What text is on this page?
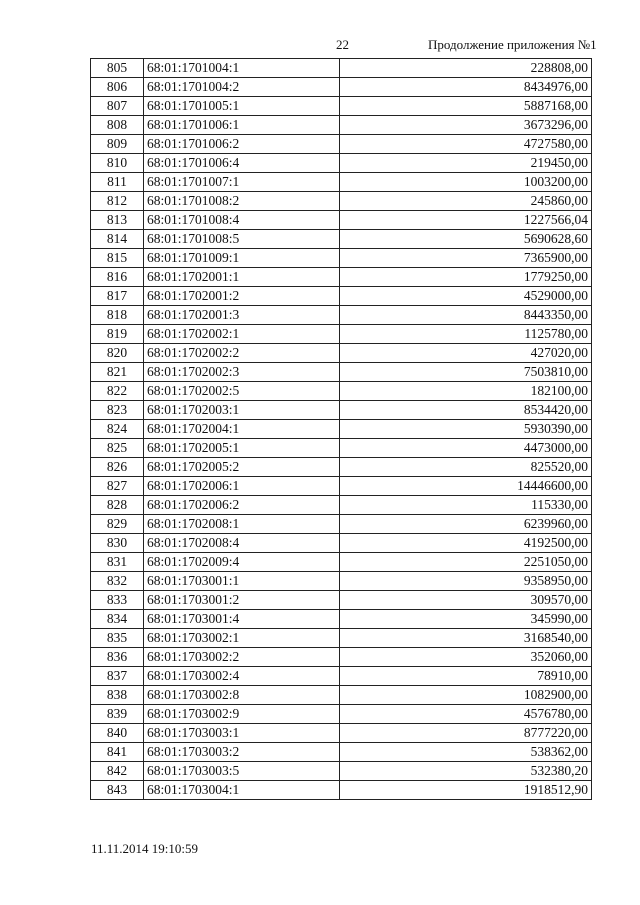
22	Продолжение приложения №1
805	68:01:1701004:1	228808,00
806	68:01:1701004:2	8434976,00
807	68:01:1701005:1	5887168,00
808	68:01:1701006:1	3673296,00
809	68:01:1701006:2	4727580,00
810	68:01:1701006:4	219450,00
811	68:01:1701007:1	1003200,00
812	68:01:1701008:2	245860,00
813	68:01:1701008:4	1227566,04
814	68:01:1701008:5	5690628,60
815	68:01:1701009:1	7365900,00
816	68:01:1702001:1	1779250,00
817	68:01:1702001:2	4529000,00
818	68:01:1702001:3	8443350,00
819	68:01:1702002:1	1125780,00
820	68:01:1702002:2	427020,00
821	68:01:1702002:3	7503810,00
822	68:01:1702002:5	182100,00
823	68:01:1702003:1	8534420,00
824	68:01:1702004:1	5930390,00
825	68:01:1702005:1	4473000,00
826	68:01:1702005:2	825520,00
827	68:01:1702006:1	14446600,00
828	68:01:1702006:2	115330,00
829	68:01:1702008:1	6239960,00
830	68:01:1702008:4	4192500,00
831	68:01:1702009:4	2251050,00
832	68:01:1703001:1	9358950,00
833	68:01:1703001:2	309570,00
834	68:01:1703001:4	345990,00
835	68:01:1703002:1	3168540,00
836	68:01:1703002:2	352060,00
837	68:01:1703002:4	78910,00
838	68:01:1703002:8	1082900,00
839	68:01:1703002:9	4576780,00
840	68:01:1703003:1	8777220,00
841	68:01:1703003:2	538362,00
842	68:01:1703003:5	532380,20
843	68:01:1703004:1	1918512,90
11.11.2014 19:10:59
